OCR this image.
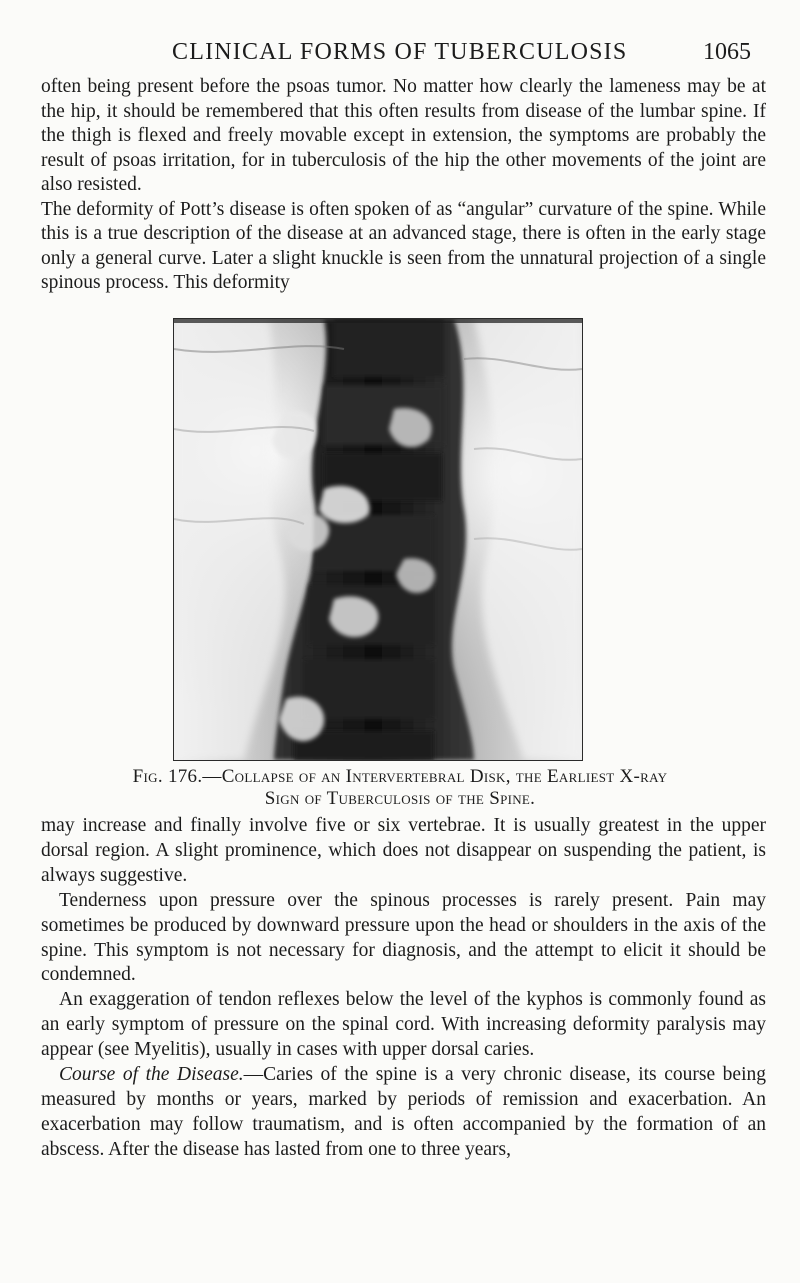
CLINICAL FORMS OF TUBERCULOSIS	1065

often being present before the psoas tumor. No matter how clearly the lameness may be at the hip, it should be remembered that this often results from disease of the lumbar spine. If the thigh is flexed and freely movable except in extension, the symptoms are probably the result of psoas irritation, for in tuberculosis of the hip the other movements of the joint are also resisted.

The deformity of Pott’s disease is often spoken of as “angular” curvature of the spine. While this is a true description of the disease at an advanced stage, there is often in the early stage only a general curve. Later a slight knuckle is seen from the unnatural projection of a single spinous process. This deformity

Fig. 176.—Collapse of an Intervertebral Disk, the Earliest X-ray Sign of Tuberculosis of the Spine.

may increase and finally involve five or six vertebrae. It is usually greatest in the upper dorsal region. A slight prominence, which does not disappear on suspending the patient, is always suggestive.

Tenderness upon pressure over the spinous processes is rarely present. Pain may sometimes be produced by downward pressure upon the head or shoulders in the axis of the spine. This symptom is not necessary for diagnosis, and the attempt to elicit it should be condemned.

An exaggeration of tendon reflexes below the level of the kyphos is commonly found as an early symptom of pressure on the spinal cord. With increasing deformity paralysis may appear (see Myelitis), usually in cases with upper dorsal caries.

Course of the Disease.—Caries of the spine is a very chronic disease, its course being measured by months or years, marked by periods of remission and exacerbation. An exacerbation may follow traumatism, and is often accompanied by the formation of an abscess. After the disease has lasted from one to three years,
